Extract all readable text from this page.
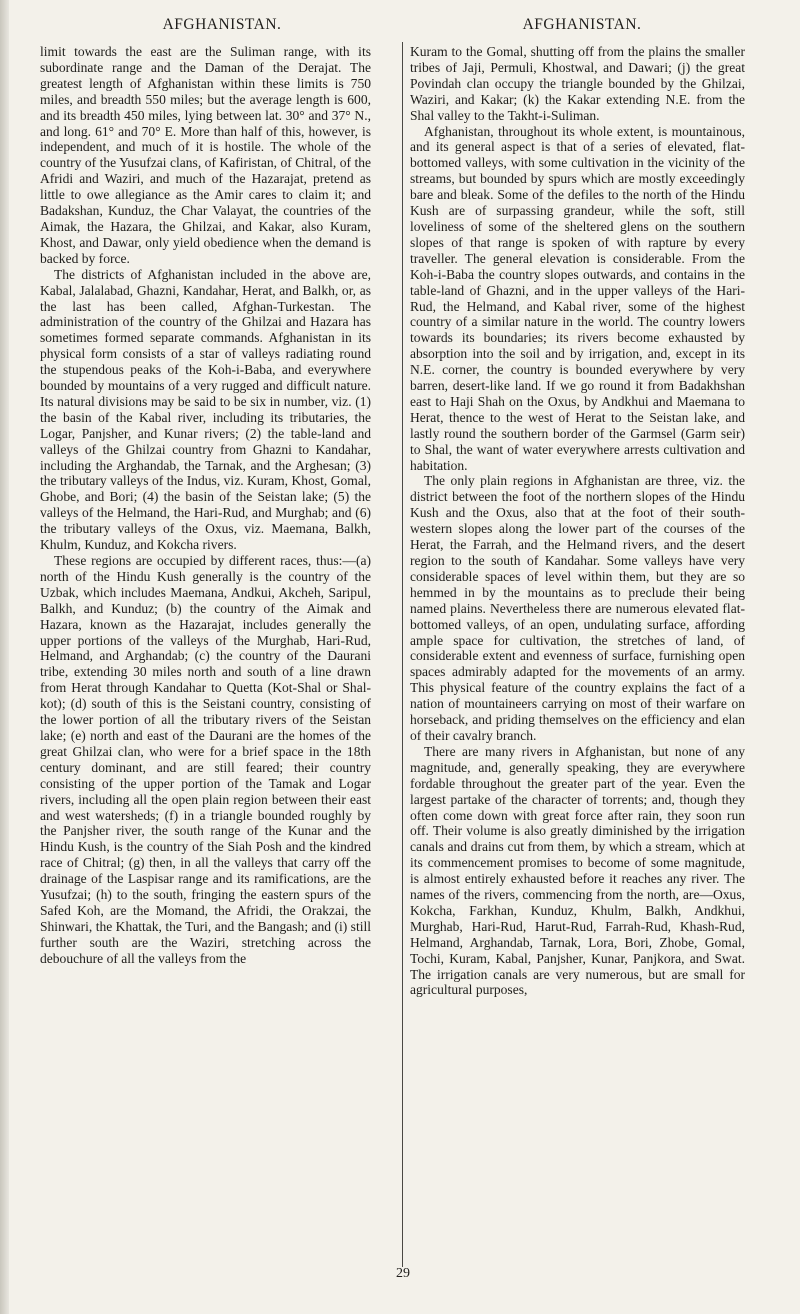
AFGHANISTAN.	AFGHANISTAN.

limit towards the east are the Suliman range, with its subordinate range and the Daman of the Derajat. The greatest length of Afghanistan within these limits is 750 miles, and breadth 550 miles; but the average length is 600, and its breadth 450 miles, lying between lat. 30° and 37° N., and long. 61° and 70° E. More than half of this, however, is independent, and much of it is hostile. The whole of the country of the Yusufzai clans, of Kafiristan, of Chitral, of the Afridi and Waziri, and much of the Hazarajat, pretend as little to owe allegiance as the Amir cares to claim it; and Badakshan, Kunduz, the Char Valayat, the countries of the Aimak, the Hazara, the Ghilzai, and Kakar, also Kuram, Khost, and Dawar, only yield obedience when the demand is backed by force.

The districts of Afghanistan included in the above are, Kabal, Jalalabad, Ghazni, Kandahar, Herat, and Balkh, or, as the last has been called, Afghan-Turkestan. The administration of the country of the Ghilzai and Hazara has sometimes formed separate commands. Afghanistan in its physical form consists of a star of valleys radiating round the stupendous peaks of the Koh-i-Baba, and everywhere bounded by mountains of a very rugged and difficult nature. Its natural divisions may be said to be six in number, viz. (1) the basin of the Kabal river, including its tributaries, the Logar, Panjsher, and Kunar rivers; (2) the table-land and valleys of the Ghilzai country from Ghazni to Kandahar, including the Arghandab, the Tarnak, and the Arghesan; (3) the tributary valleys of the Indus, viz. Kuram, Khost, Gomal, Ghobe, and Bori; (4) the basin of the Seistan lake; (5) the valleys of the Helmand, the Hari-Rud, and Murghab; and (6) the tributary valleys of the Oxus, viz. Maemana, Balkh, Khulm, Kunduz, and Kokcha rivers.

These regions are occupied by different races, thus:—(a) north of the Hindu Kush generally is the country of the Uzbak, which includes Maemana, Andkui, Akcheh, Saripul, Balkh, and Kunduz; (b) the country of the Aimak and Hazara, known as the Hazarajat, includes generally the upper portions of the valleys of the Murghab, Hari-Rud, Helmand, and Arghandab; (c) the country of the Daurani tribe, extending 30 miles north and south of a line drawn from Herat through Kandahar to Quetta (Kot-Shal or Shal-kot); (d) south of this is the Seistani country, consisting of the lower portion of all the tributary rivers of the Seistan lake; (e) north and east of the Daurani are the homes of the great Ghilzai clan, who were for a brief space in the 18th century dominant, and are still feared; their country consisting of the upper portion of the Tamak and Logar rivers, including all the open plain region between their east and west watersheds; (f) in a triangle bounded roughly by the Panjsher river, the south range of the Kunar and the Hindu Kush, is the country of the Siah Posh and the kindred race of Chitral; (g) then, in all the valleys that carry off the drainage of the Laspisar range and its ramifications, are the Yusufzai; (h) to the south, fringing the eastern spurs of the Safed Koh, are the Momand, the Afridi, the Orakzai, the Shinwari, the Khattak, the Turi, and the Bangash; and (i) still further south are the Waziri, stretching across the debouchure of all the valleys from the

Kuram to the Gomal, shutting off from the plains the smaller tribes of Jaji, Permuli, Khostwal, and Dawari; (j) the great Povindah clan occupy the triangle bounded by the Ghilzai, Waziri, and Kakar; (k) the Kakar extending N.E. from the Shal valley to the Takht-i-Suliman.

Afghanistan, throughout its whole extent, is mountainous, and its general aspect is that of a series of elevated, flat-bottomed valleys, with some cultivation in the vicinity of the streams, but bounded by spurs which are mostly exceedingly bare and bleak. Some of the defiles to the north of the Hindu Kush are of surpassing grandeur, while the soft, still loveliness of some of the sheltered glens on the southern slopes of that range is spoken of with rapture by every traveller. The general elevation is considerable. From the Koh-i-Baba the country slopes outwards, and contains in the table-land of Ghazni, and in the upper valleys of the Hari-Rud, the Helmand, and Kabal river, some of the highest country of a similar nature in the world. The country lowers towards its boundaries; its rivers become exhausted by absorption into the soil and by irrigation, and, except in its N.E. corner, the country is bounded everywhere by very barren, desert-like land. If we go round it from Badakhshan east to Haji Shah on the Oxus, by Andkhui and Maemana to Herat, thence to the west of Herat to the Seistan lake, and lastly round the southern border of the Garmsel (Garm seir) to Shal, the want of water everywhere arrests cultivation and habitation.

The only plain regions in Afghanistan are three, viz. the district between the foot of the northern slopes of the Hindu Kush and the Oxus, also that at the foot of their south-western slopes along the lower part of the courses of the Herat, the Farrah, and the Helmand rivers, and the desert region to the south of Kandahar. Some valleys have very considerable spaces of level within them, but they are so hemmed in by the mountains as to preclude their being named plains. Nevertheless there are numerous elevated flat-bottomed valleys, of an open, undulating surface, affording ample space for cultivation, the stretches of land, of considerable extent and evenness of surface, furnishing open spaces admirably adapted for the movements of an army. This physical feature of the country explains the fact of a nation of mountaineers carrying on most of their warfare on horseback, and priding themselves on the efficiency and elan of their cavalry branch.

There are many rivers in Afghanistan, but none of any magnitude, and, generally speaking, they are everywhere fordable throughout the greater part of the year. Even the largest partake of the character of torrents; and, though they often come down with great force after rain, they soon run off. Their volume is also greatly diminished by the irrigation canals and drains cut from them, by which a stream, which at its commencement promises to become of some magnitude, is almost entirely exhausted before it reaches any river. The names of the rivers, commencing from the north, are—Oxus, Kokcha, Farkhan, Kunduz, Khulm, Balkh, Andkhui, Murghab, Hari-Rud, Harut-Rud, Farrah-Rud, Khash-Rud, Helmand, Arghandab, Tarnak, Lora, Bori, Zhobe, Gomal, Tochi, Kuram, Kabal, Panjsher, Kunar, Panjkora, and Swat. The irrigation canals are very numerous, but are small for agricultural purposes,

29
